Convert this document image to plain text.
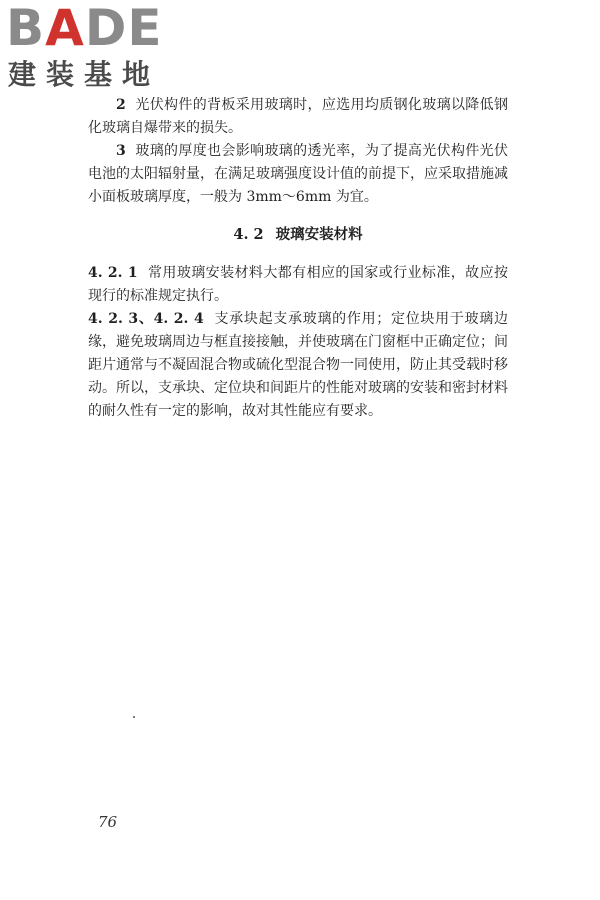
BADE
建装基地

2 光伏构件的背板采用玻璃时，应选用均质钢化玻璃以降低钢化玻璃自爆带来的损失。

3 玻璃的厚度也会影响玻璃的透光率，为了提高光伏构件光伏电池的太阳辐射量，在满足玻璃强度设计值的前提下，应采取措施减小面板玻璃厚度，一般为 3mm～6mm 为宜。

4. 2 玻璃安装材料

4. 2. 1 常用玻璃安装材料大都有相应的国家或行业标准，故应按现行的标准规定执行。

4. 2. 3、4. 2. 4 支承块起支承玻璃的作用；定位块用于玻璃边缘，避免玻璃周边与框直接接触，并使玻璃在门窗框中正确定位；间距片通常与不凝固混合物或硫化型混合物一同使用，防止其受载时移动。所以，支承块、定位块和间距片的性能对玻璃的安装和密封材料的耐久性有一定的影响，故对其性能应有要求。

76
